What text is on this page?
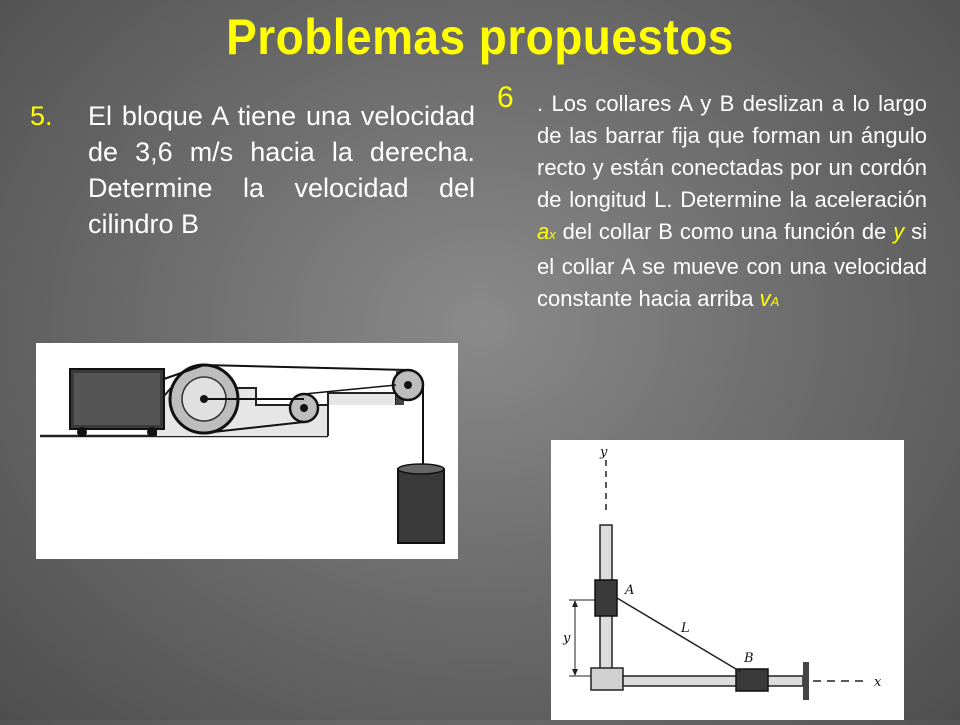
Problemas propuestos
5. El bloque A tiene una velocidad de 3,6 m/s hacia la derecha. Determine la velocidad del cilindro B
6 . Los collares A y B deslizan a lo largo de las barrar fija que forman un ángulo recto y están conectadas por un cordón de longitud L. Determine la aceleración ax del collar B como una función de y si el collar A se mueve con una velocidad constante hacia arriba vA
y
x
A
B
L
y
